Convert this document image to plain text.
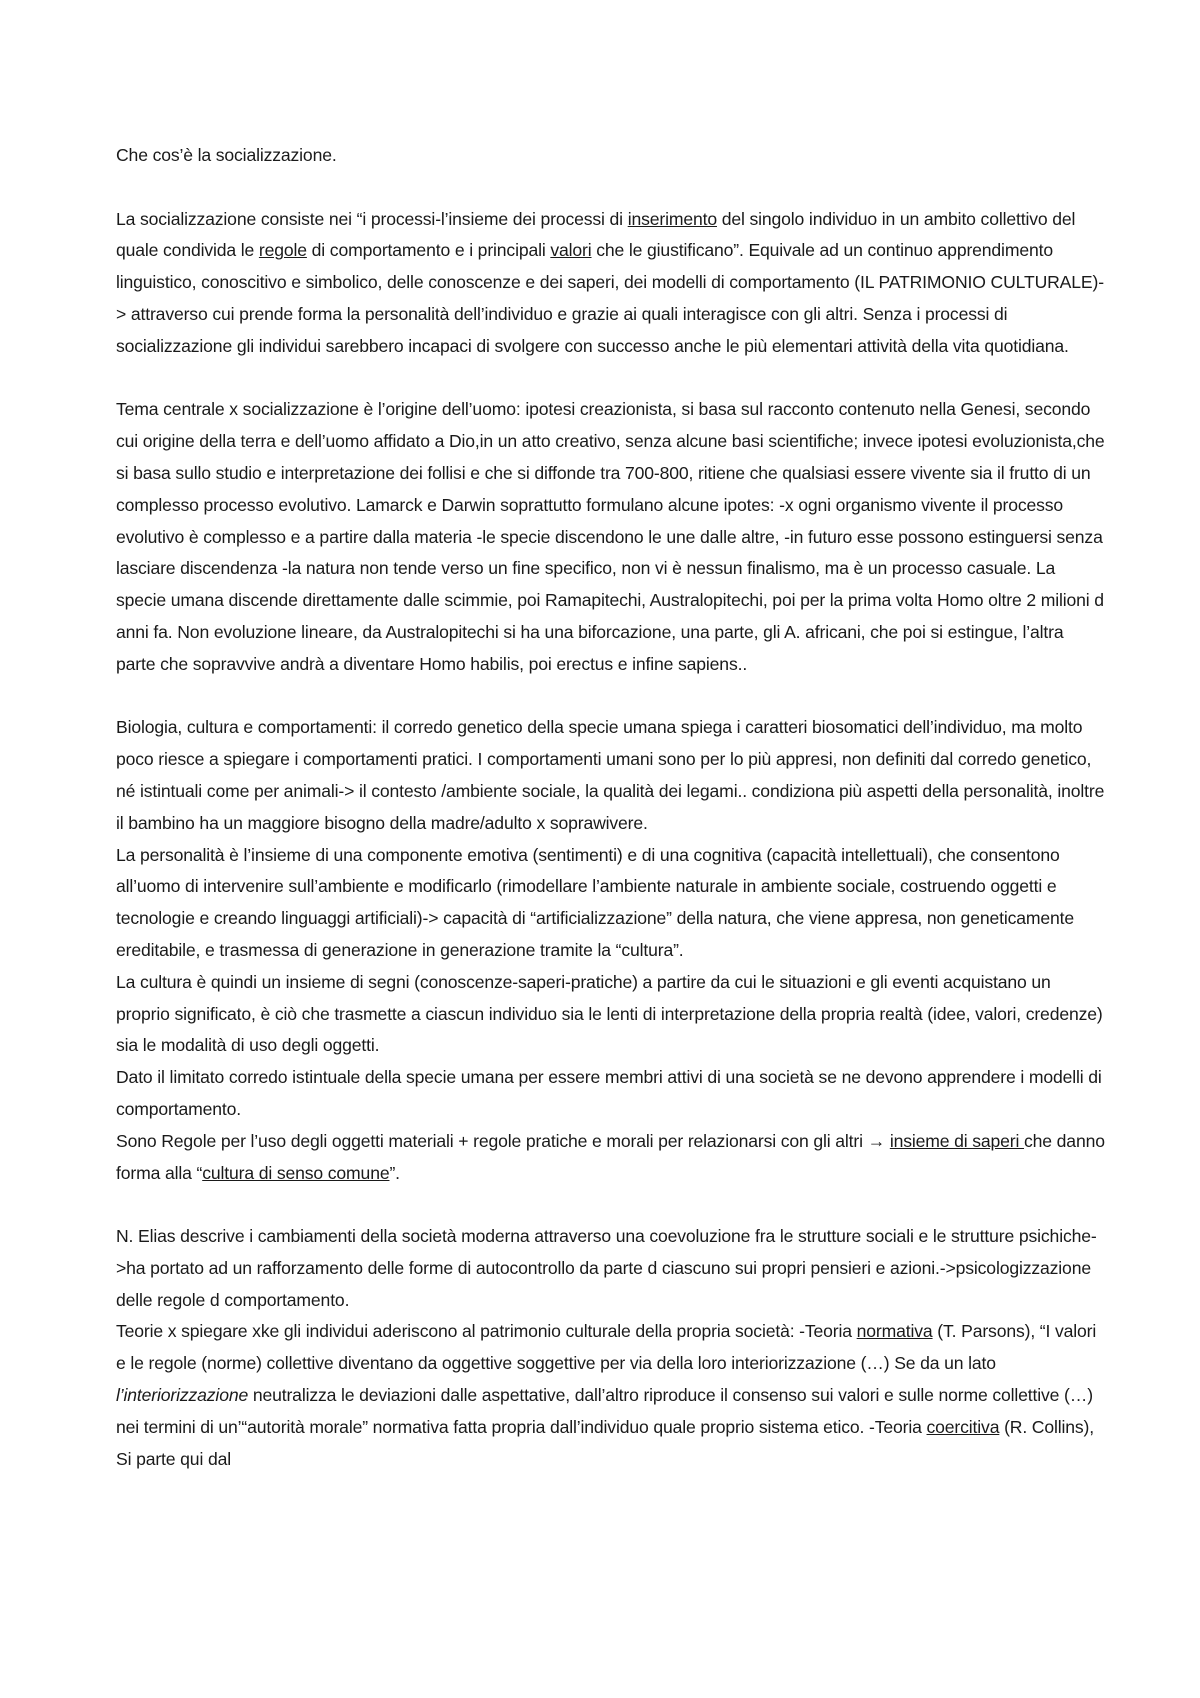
Che cos’è la socializzazione.

La socializzazione consiste nei “i processi-l’insieme dei processi di inserimento del singolo individuo in un ambito collettivo del quale condivida le regole di comportamento e i principali valori che le giustificano”. Equivale ad un continuo apprendimento linguistico, conoscitivo e simbolico, delle conoscenze e dei saperi, dei modelli di comportamento (IL PATRIMONIO CULTURALE)-> attraverso cui prende forma la personalità dell’individuo e grazie ai quali interagisce con gli altri. Senza i processi di socializzazione gli individui sarebbero incapaci di svolgere con successo anche le più elementari attività della vita quotidiana.

Tema centrale x socializzazione è l’origine dell’uomo: ipotesi creazionista, si basa sul racconto contenuto nella Genesi, secondo cui origine della terra e dell’uomo affidato a Dio,in un atto creativo, senza alcune basi scientifiche; invece ipotesi evoluzionista,che si basa sullo studio e interpretazione dei follisi e che si diffonde tra 700-800, ritiene che qualsiasi essere vivente sia il frutto di un complesso processo evolutivo. Lamarck e Darwin soprattutto formulano alcune ipotes: -x ogni organismo vivente il processo evolutivo è complesso e a partire dalla materia -le specie discendono le une dalle altre, -in futuro esse possono estinguersi senza lasciare discendenza -la natura non tende verso un fine specifico, non vi è nessun finalismo, ma è un processo casuale. La specie umana discende direttamente dalle scimmie, poi Ramapitechi, Australopitechi, poi per la prima volta Homo oltre 2 milioni d anni fa. Non evoluzione lineare, da Australopitechi si ha una biforcazione, una parte, gli A. africani, che poi si estingue, l’altra parte che sopravvive andrà a diventare Homo habilis, poi erectus e infine sapiens..

Biologia, cultura e comportamenti: il corredo genetico della specie umana spiega i caratteri biosomatici dell’individuo, ma molto poco riesce a spiegare i comportamenti pratici. I comportamenti umani sono per lo più appresi, non definiti dal corredo genetico, né istintuali come per animali-> il contesto /ambiente sociale, la qualità dei legami.. condiziona più aspetti della personalità, inoltre il bambino ha un maggiore bisogno della madre/adulto x soprawivere.

La personalità è l’insieme di una componente emotiva (sentimenti) e di una cognitiva (capacità intellettuali), che consentono all’uomo di intervenire sull’ambiente e modificarlo (rimodellare l’ambiente naturale in ambiente sociale, costruendo oggetti e tecnologie e creando linguaggi artificiali)-> capacità di “artificializzazione” della natura, che viene appresa, non geneticamente ereditabile, e trasmessa di generazione in generazione tramite la “cultura”.

La cultura è quindi un insieme di segni (conoscenze-saperi-pratiche) a partire da cui le situazioni e gli eventi acquistano un proprio significato, è ciò che trasmette a ciascun individuo sia le lenti di interpretazione della propria realtà (idee, valori, credenze) sia le modalità di uso degli oggetti.

Dato il limitato corredo istintuale della specie umana per essere membri attivi di una società se ne devono apprendere i modelli di comportamento.

Sono Regole per l’uso degli oggetti materiali + regole pratiche e morali per relazionarsi con gli altri → insieme di saperi che danno forma alla “cultura di senso comune”.

N. Elias descrive i cambiamenti della società moderna attraverso una coevoluzione fra le strutture sociali e le strutture psichiche->ha portato ad un rafforzamento delle forme di autocontrollo da parte d ciascuno sui propri pensieri e azioni.->psicologizzazione delle regole d comportamento.

Teorie x spiegare xke gli individui aderiscono al patrimonio culturale della propria società: -Teoria normativa (T. Parsons), “I valori e le regole (norme) collettive diventano da oggettive soggettive per via della loro interiorizzazione (…) Se da un lato l’interiorizzazione neutralizza le deviazioni dalle aspettative, dall’altro riproduce il consenso sui valori e sulle norme collettive (…) nei termini di un’“autorità morale” normativa fatta propria dall’individuo quale proprio sistema etico. -Teoria coercitiva (R. Collins), Si parte qui dal
